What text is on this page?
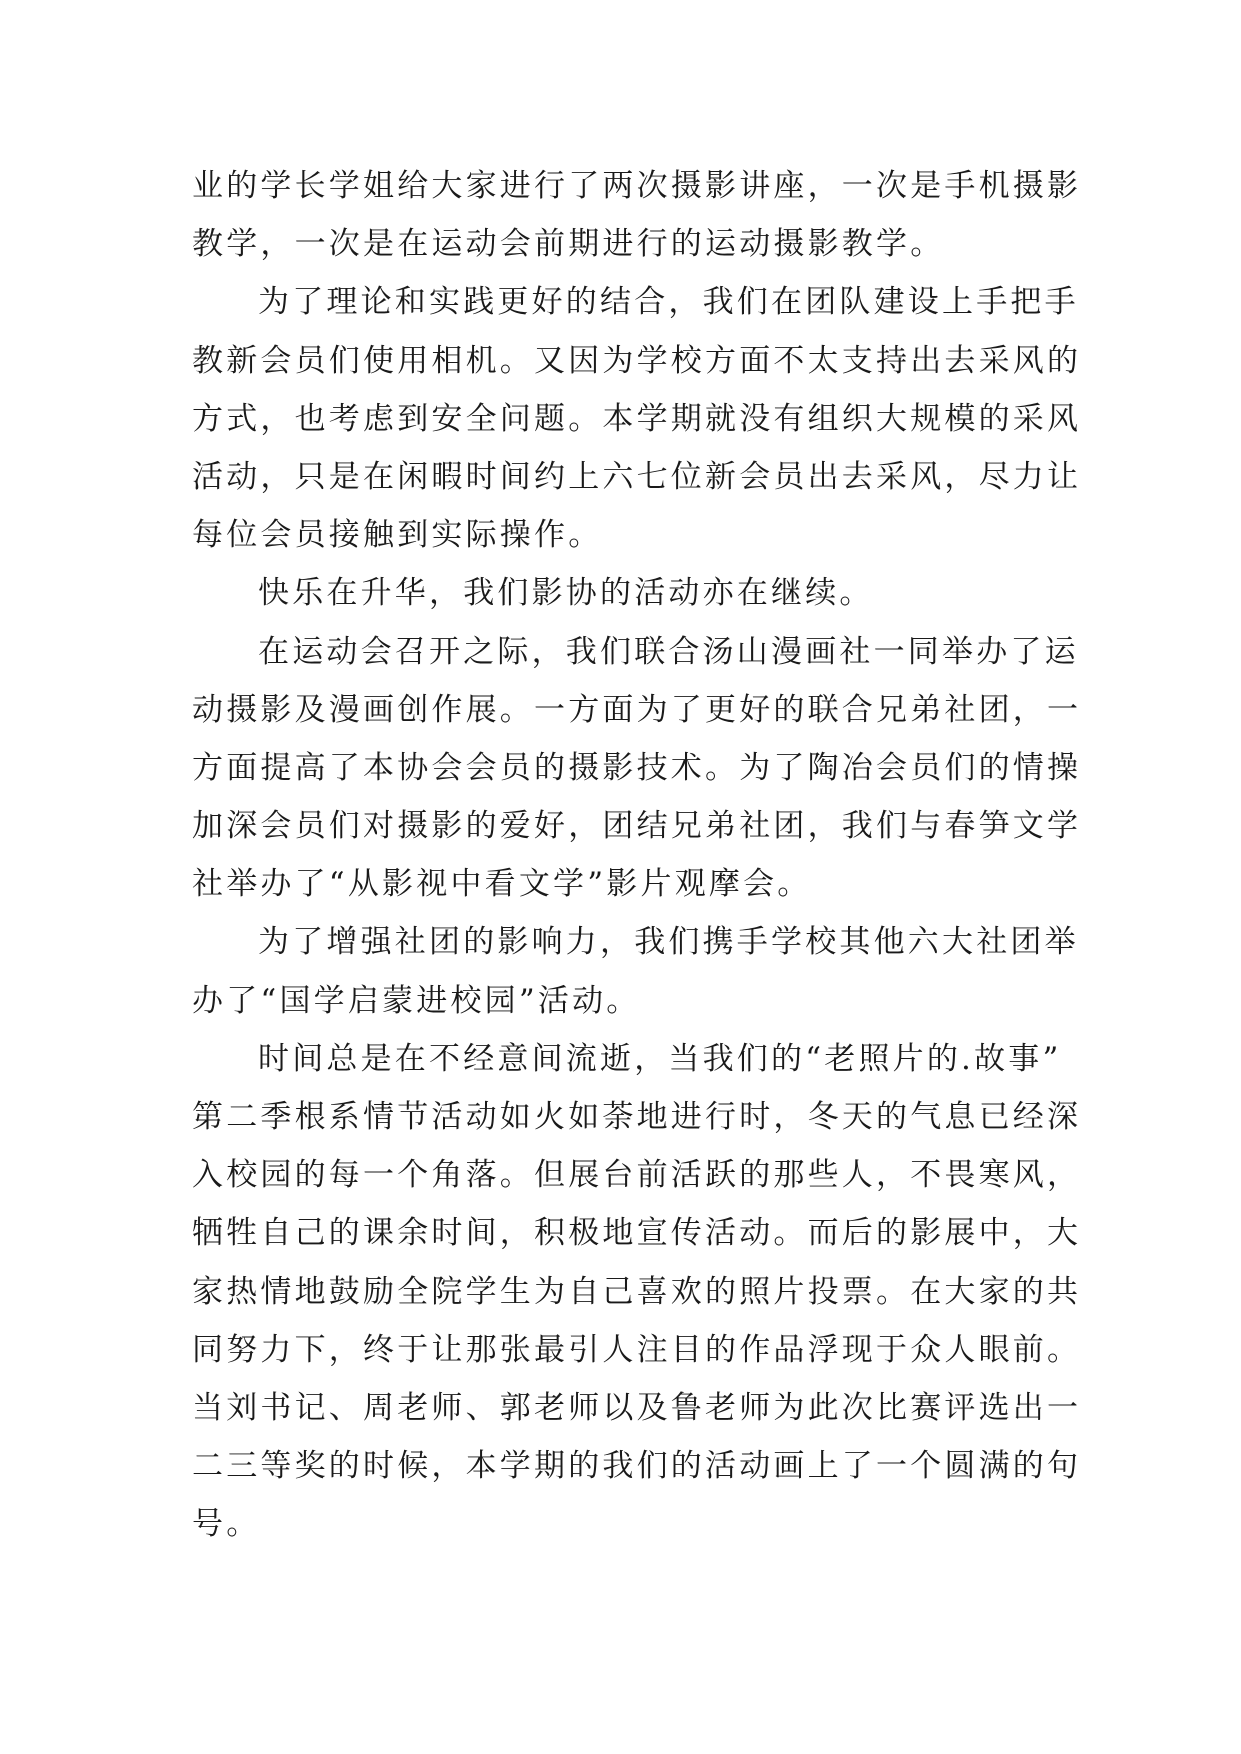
业的学长学姐给大家进行了两次摄影讲座，一次是手机摄影
教学，一次是在运动会前期进行的运动摄影教学。
为了理论和实践更好的结合，我们在团队建设上手把手
教新会员们使用相机。又因为学校方面不太支持出去采风的
方式，也考虑到安全问题。本学期就没有组织大规模的采风
活动，只是在闲暇时间约上六七位新会员出去采风，尽力让
每位会员接触到实际操作。
快乐在升华，我们影协的活动亦在继续。
在运动会召开之际，我们联合汤山漫画社一同举办了运
动摄影及漫画创作展。一方面为了更好的联合兄弟社团，一
方面提高了本协会会员的摄影技术。为了陶冶会员们的情操
加深会员们对摄影的爱好，团结兄弟社团，我们与春笋文学
社举办了“从影视中看文学”影片观摩会。
为了增强社团的影响力，我们携手学校其他六大社团举
办了“国学启蒙进校园”活动。
时间总是在不经意间流逝，当我们的“老照片的.故事”
第二季根系情节活动如火如荼地进行时，冬天的气息已经深
入校园的每一个角落。但展台前活跃的那些人，不畏寒风，
牺牲自己的课余时间，积极地宣传活动。而后的影展中，大
家热情地鼓励全院学生为自己喜欢的照片投票。在大家的共
同努力下，终于让那张最引人注目的作品浮现于众人眼前。
当刘书记、周老师、郭老师以及鲁老师为此次比赛评选出一
二三等奖的时候，本学期的我们的活动画上了一个圆满的句
号。
